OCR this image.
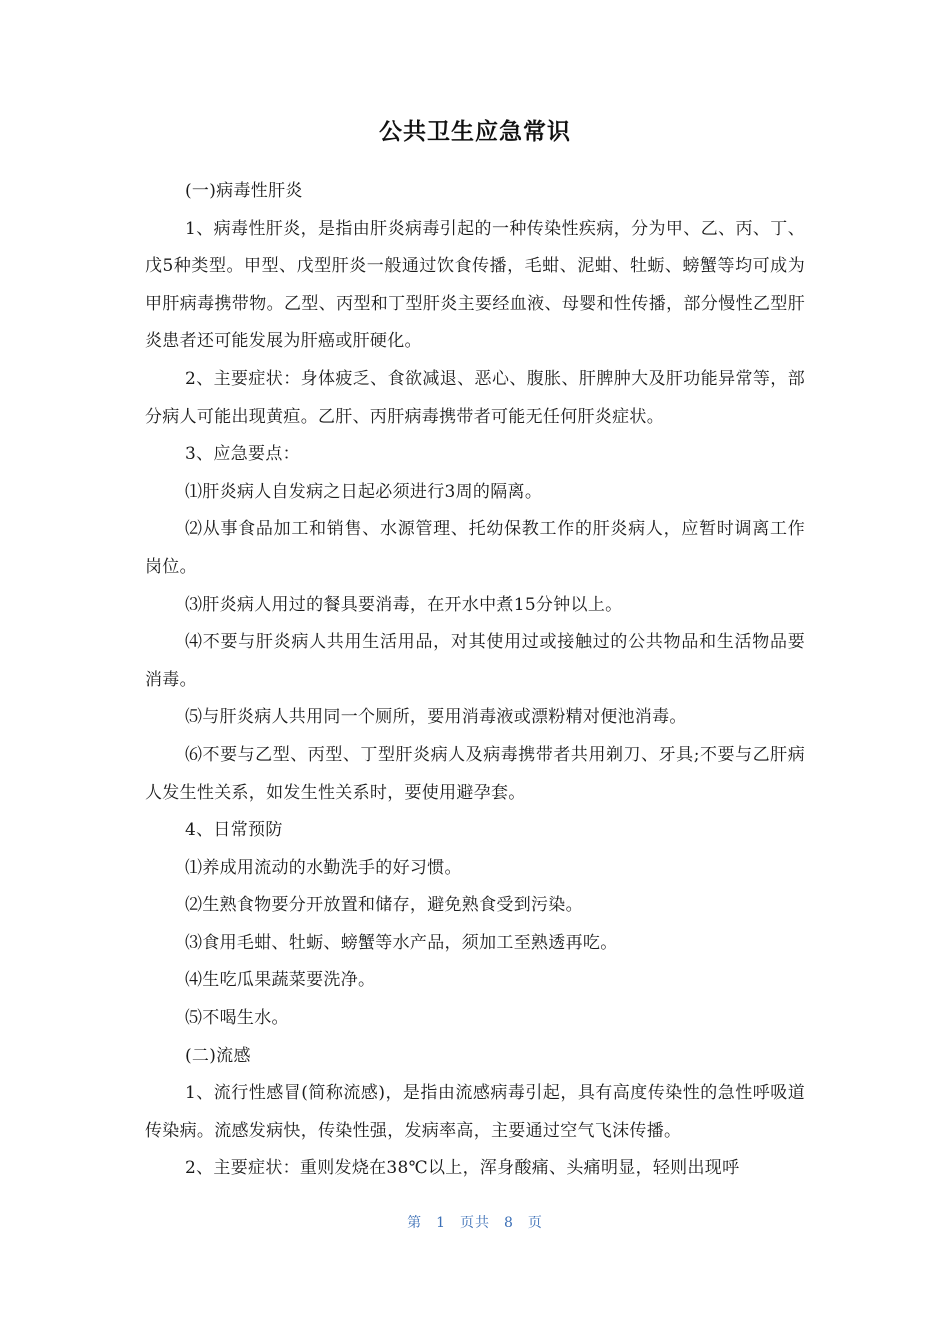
公共卫生应急常识

(一)病毒性肝炎

1、病毒性肝炎，是指由肝炎病毒引起的一种传染性疾病，分为甲、乙、丙、丁、戊5种类型。甲型、戊型肝炎一般通过饮食传播，毛蚶、泥蚶、牡蛎、螃蟹等均可成为甲肝病毒携带物。乙型、丙型和丁型肝炎主要经血液、母婴和性传播，部分慢性乙型肝炎患者还可能发展为肝癌或肝硬化。

2、主要症状：身体疲乏、食欲减退、恶心、腹胀、肝脾肿大及肝功能异常等，部分病人可能出现黄疸。乙肝、丙肝病毒携带者可能无任何肝炎症状。

3、应急要点：

⑴肝炎病人自发病之日起必须进行3周的隔离。

⑵从事食品加工和销售、水源管理、托幼保教工作的肝炎病人，应暂时调离工作岗位。

⑶肝炎病人用过的餐具要消毒，在开水中煮15分钟以上。

⑷不要与肝炎病人共用生活用品，对其使用过或接触过的公共物品和生活物品要消毒。

⑸与肝炎病人共用同一个厕所，要用消毒液或漂粉精对便池消毒。

⑹不要与乙型、丙型、丁型肝炎病人及病毒携带者共用剃刀、牙具;不要与乙肝病人发生性关系，如发生性关系时，要使用避孕套。

4、日常预防

⑴养成用流动的水勤洗手的好习惯。

⑵生熟食物要分开放置和储存，避免熟食受到污染。

⑶食用毛蚶、牡蛎、螃蟹等水产品，须加工至熟透再吃。

⑷生吃瓜果蔬菜要洗净。

⑸不喝生水。

(二)流感

1、流行性感冒(简称流感)，是指由流感病毒引起，具有高度传染性的急性呼吸道传染病。流感发病快，传染性强，发病率高，主要通过空气飞沫传播。

2、主要症状：重则发烧在38℃以上，浑身酸痛、头痛明显，轻则出现呼

第 1 页共 8 页
